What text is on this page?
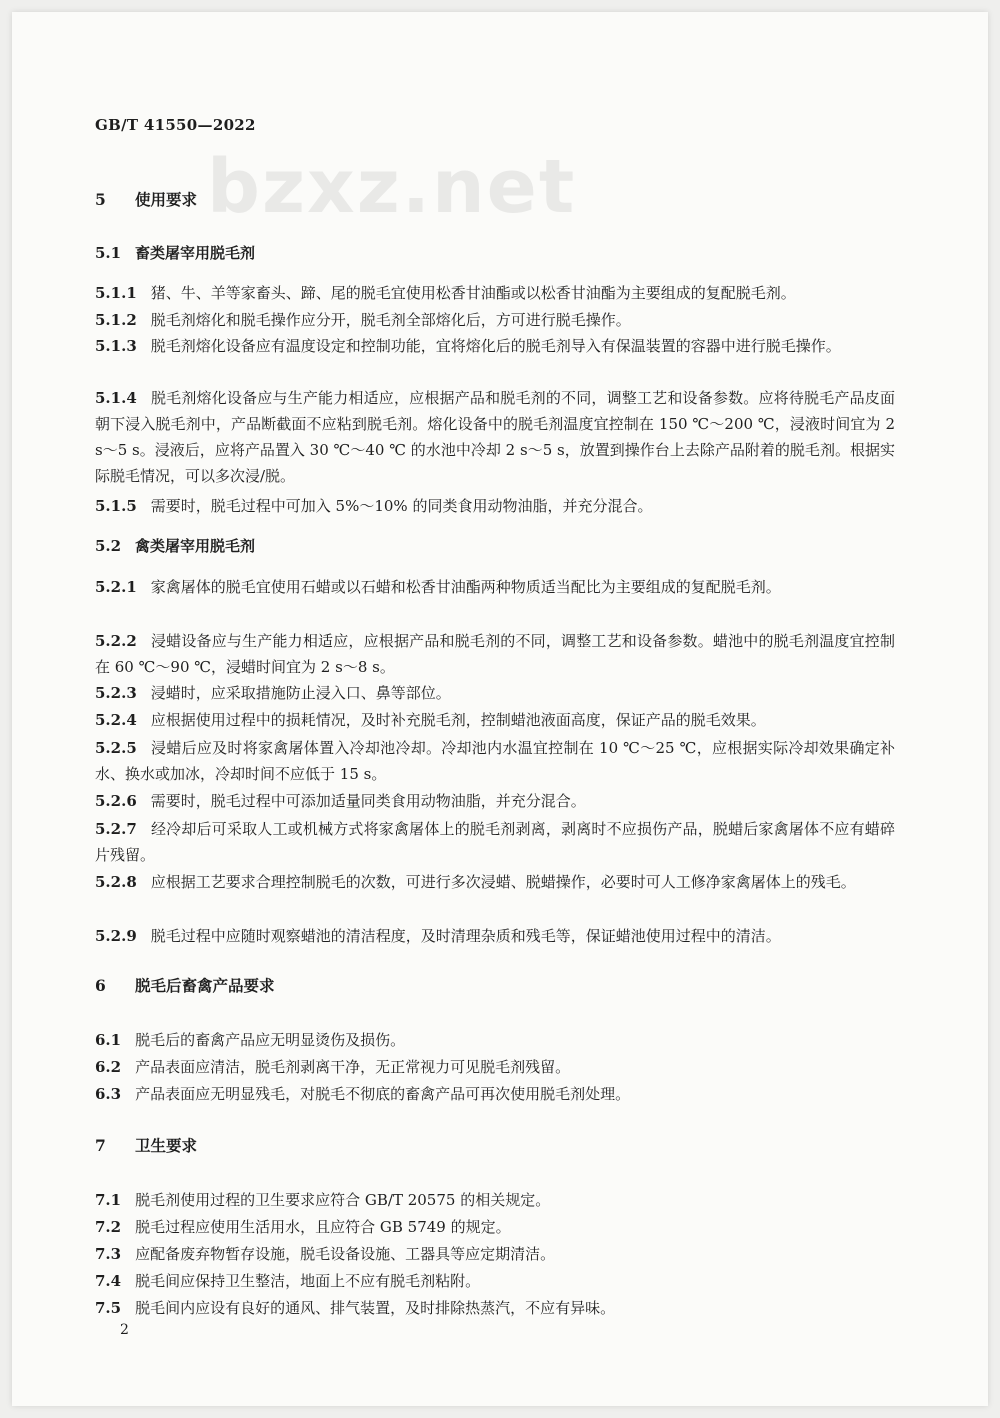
GB/T 41550—2022
bzxz.net
5 使用要求
5.1 畜类屠宰用脱毛剂
5.1.1 猪、牛、羊等家畜头、蹄、尾的脱毛宜使用松香甘油酯或以松香甘油酯为主要组成的复配脱毛剂。
5.1.2 脱毛剂熔化和脱毛操作应分开，脱毛剂全部熔化后，方可进行脱毛操作。
5.1.3 脱毛剂熔化设备应有温度设定和控制功能，宜将熔化后的脱毛剂导入有保温装置的容器中进行脱毛操作。
5.1.4 脱毛剂熔化设备应与生产能力相适应，应根据产品和脱毛剂的不同，调整工艺和设备参数。应将待脱毛产品皮面朝下浸入脱毛剂中，产品断截面不应粘到脱毛剂。熔化设备中的脱毛剂温度宜控制在 150 ℃～200 ℃，浸液时间宜为 2 s～5 s。浸液后，应将产品置入 30 ℃～40 ℃ 的水池中冷却 2 s～5 s，放置到操作台上去除产品附着的脱毛剂。根据实际脱毛情况，可以多次浸/脱。
5.1.5 需要时，脱毛过程中可加入 5%～10% 的同类食用动物油脂，并充分混合。
5.2 禽类屠宰用脱毛剂
5.2.1 家禽屠体的脱毛宜使用石蜡或以石蜡和松香甘油酯两种物质适当配比为主要组成的复配脱毛剂。
5.2.2 浸蜡设备应与生产能力相适应，应根据产品和脱毛剂的不同，调整工艺和设备参数。蜡池中的脱毛剂温度宜控制在 60 ℃～90 ℃，浸蜡时间宜为 2 s～8 s。
5.2.3 浸蜡时，应采取措施防止浸入口、鼻等部位。
5.2.4 应根据使用过程中的损耗情况，及时补充脱毛剂，控制蜡池液面高度，保证产品的脱毛效果。
5.2.5 浸蜡后应及时将家禽屠体置入冷却池冷却。冷却池内水温宜控制在 10 ℃～25 ℃，应根据实际冷却效果确定补水、换水或加冰，冷却时间不应低于 15 s。
5.2.6 需要时，脱毛过程中可添加适量同类食用动物油脂，并充分混合。
5.2.7 经冷却后可采取人工或机械方式将家禽屠体上的脱毛剂剥离，剥离时不应损伤产品，脱蜡后家禽屠体不应有蜡碎片残留。
5.2.8 应根据工艺要求合理控制脱毛的次数，可进行多次浸蜡、脱蜡操作，必要时可人工修净家禽屠体上的残毛。
5.2.9 脱毛过程中应随时观察蜡池的清洁程度，及时清理杂质和残毛等，保证蜡池使用过程中的清洁。
6 脱毛后畜禽产品要求
6.1 脱毛后的畜禽产品应无明显烫伤及损伤。
6.2 产品表面应清洁，脱毛剂剥离干净，无正常视力可见脱毛剂残留。
6.3 产品表面应无明显残毛，对脱毛不彻底的畜禽产品可再次使用脱毛剂处理。
7 卫生要求
7.1 脱毛剂使用过程的卫生要求应符合 GB/T 20575 的相关规定。
7.2 脱毛过程应使用生活用水，且应符合 GB 5749 的规定。
7.3 应配备废弃物暂存设施，脱毛设备设施、工器具等应定期清洁。
7.4 脱毛间应保持卫生整洁，地面上不应有脱毛剂粘附。
7.5 脱毛间内应设有良好的通风、排气装置，及时排除热蒸汽，不应有异味。
2
